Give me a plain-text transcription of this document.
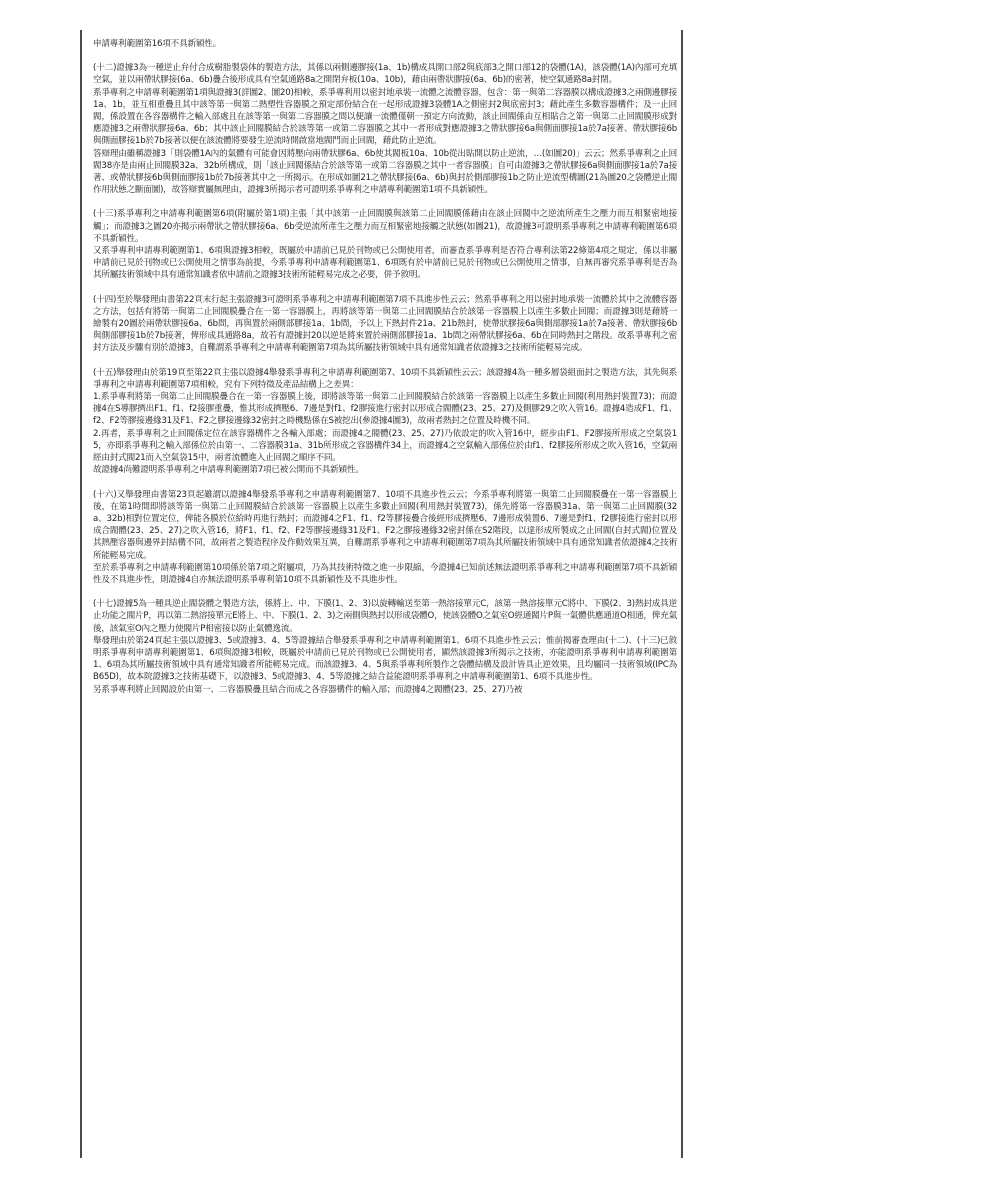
申請專利範圍第16項不具新穎性。

(十二)證據3為一種逆止弁付合成樹脂製袋体的製造方法，其係以兩側邊膠接(1a、1b)構成具開口部2與底部3之開口部12的袋體(1A)，該袋體(1A)內部可充填空氣，並以兩帶狀膠接(6a、6b)疊合後形成具有空氣通路8a之開閉弁板(10a、10b)，藉由兩帶狀膠接(6a、6b)的密著，使空氣通路8a封閉。
系爭專利之申請專利範圍第1項與證據3(詳圖2、圖20)相較，系爭專利用以密封地承裝一流體之流體容器，包含：第一與第二容器膜以構成證據3之兩側邊膠接1a、1b，並互相重疊且其中該等第一與第二熱塑性容器膜之預定部份結合在一起形成證據3袋體1A之側密封2與底密封3；藉此產生多數容器構件；及一止回閥，係設置在各容器構件之輸入部處且在該等第一與第二容器膜之間以便讓一流體僅朝一預定方向流動，該止回閥係由互相貼合之第一與第二止回閥膜形成對應證據3之兩帶狀膠接6a、6b；其中該止回閥膜結合於該等第一或第二容器膜之其中一者形成對應證據3之帶狀膠接6a與側面膠接1a於7a接著、帶狀膠接6b與側面膠接1b於7b接著以便在該流體將要發生逆流時開啟當地閥門而止回閥，藉此防止逆流。
答辯理由雖稱證據3「則袋體1A內的氣體有可能會因將壓向兩帶狀膠6a、6b使其閥板10a、10b從出貼開以防止逆流，…(如圖20)」云云；然系爭專利之止回閥38亦是由兩止回閥膜32a、32b所構成，則「該止回閥係結合於該等第一或第二容器膜之其中一者容器膜」自可由證據3之帶狀膠接6a與側面膠接1a於7a接著、或帶狀膠接6b與側面膠接1b於7b接著其中之一所揭示。在形成如圖21之帶狀膠接(6a、6b)與封於側部膠接1b之防止逆流型構圖(21為圖20之袋體逆止閥作用狀態之斷面圖)，故答辯實屬無理由，證據3所揭示者可證明系爭專利之申請專利範圍第1項不具新穎性。

(十三)系爭專利之申請專利範圍第6項(附屬於第1項)主張「其中該第一止回閥膜與該第二止回閥膜係藉由在該止回閥中之逆流所產生之壓力而互相緊密地接觸」；而證據3之圖20亦揭示兩帶狀之帶狀膠接6a、6b受逆流所產生之壓力而互相緊密地接觸之狀態(如圖21)，故證據3可證明系爭專利之申請專利範圍第6項不具新穎性。
又系爭專利申請專利範圍第1、6項與證據3相較，既屬於申請前已見於刊物或已公開使用者，而審查系爭專利是否符合專利法第22條第4項之規定，係以非屬申請前已見於刊物或已公開使用之情事為前提，今系爭專利申請專利範圍第1、6項既有於申請前已見於刊物或已公開使用之情事，自無再審究系爭專利是否為其所屬技術領域中具有通常知識者依申請前之證據3技術所能輕易完成之必要，併予敘明。

(十四)至於舉發理由書第22頁末行起主張證據3可證明系爭專利之申請專利範圍第7項不具進步性云云；然系爭專利之用以密封地承裝一流體於其中之流體容器之方法，包括有將第一與第二止回閥膜疊合在一第一容器膜上，再將該等第一與第二止回閥膜結合於該第一容器膜上以產生多數止回閥；而證據3則是藉將一繪製有20圖於兩帶狀膠接6a、6b間，再與置於兩側部膠接1a、1b間，予以上下熱封件21a、21b熱封，使帶狀膠接6a與側部膠接1a於7a接著、帶狀膠接6b與側部膠接1b於7b接著，俾形成具通路8a，故若有證據封20以逆是將來置於兩側部膠接1a、1b間之兩帶狀膠接6a、6b在同時熱封之階段。故系爭專利之密封方法及步驟有別於證據3，自難謂系爭專利之申請專利範圍第7項為其所屬技術領域中具有通常知識者依證據3之技術所能輕易完成。

(十五)舉發理由於第19頁至第22頁主張以證據4舉發系爭專利之申請專利範圍第7、10項不具新穎性云云；該證據4為一種多層袋組面封之製造方法，其先與系爭專利之申請專利範圍第7項相較，究有下列特徵及產品結構上之差異：
1.系爭專利將第一與第二止回閥膜疊合在一第一容器膜上後，即將該等第一與第二止回閥膜結合於該第一容器膜上以產生多數止回閥(利用熱封裝置73)；而證據4在S導膠擠出F1、f1、f2接膠重疊，惟其形成擠壓6、7邊是對f1、f2膠接進行密封以形成合閥體(23、25、27)及側膠29之吹入管16。證據4造成F1、f1、f2、F2等膠接邊緣31及F1、F2之膠接邊緣32密封之時機點係在S被挖出(參證據4圖3)，故兩者熱封之位置及時機不同。
2.再者，系爭專利之止回閥係定位在該容器構件之各輸入部處；而證據4之閥體(23、25、27)乃依設定的吹入管16中，經步由F1、F2膠接所形成之空氣袋15，亦即系爭專利之輸入部係位於由第一、二容器膜31a、31b所形成之容器構件34上，而證據4之空氣輸入部係位於由f1、f2膠接所形成之吹入管16，空氣兩經由封式閥21而入空氣袋15中，兩者流體進入止回閥之順序不同。
故證據4尚難證明系爭專利之申請專利範圍第7項已被公開而不具新穎性。

(十六)又舉發理由書第23頁起雖謂以證據4舉發系爭專利之申請專利範圍第7、10項不具進步性云云；今系爭專利將第一與第二止回閥膜疊在一第一容器膜上後，在第1時間即將該等第一與第二止回閥膜結合於該第一容器膜上以產生多數止回閥(利用熱封裝置73)，係先將第一容器膜31a、第一與第二止回閥膜(32a、32b)相對位置定位，俾能各膜於位給時再進行熱封；而證據4之F1、f1、f2等膠接疊合後經形成擠壓6、7邊形成裝置6、7邊是對f1、f2膠接進行密封以形成合閥體(23、25、27)之吹入管16，將F1、f1、f2、F2等膠接邊緣31及F1、F2之膠接邊緣32密封係在S2階段，以達形成所製成之止回閥(自封式閥)位置及其熱壓容器與邊界封結構不同，故兩者之製造程序及作動效果互異，自難謂系爭專利之申請專利範圍第7項為其所屬技術領域中具有通常知識者依證據4之技術所能輕易完成。
至於系爭專利之申請專利範圍第10項係於第7項之附屬項，乃為其技術特徵之進一步限縮，今證據4已知前述無法證明系爭專利之申請專利範圍第7項不具新穎性及不具進步性，則證據4自亦無法證明系爭專利第10項不具新穎性及不具進步性。

(十七)證據5為一種具逆止閥袋體之製造方法，係將上、中、下膜(1、2、3)以旋轉輸送至第一熱溶接單元C，該第一熱溶接單元C將中、下膜(2、3)熱封成具逆止功能之閥片P，再以第二熱溶接單元E將上、中、下膜(1、2、3)之兩側與熱封以形成袋體O，使該袋體O之氣室O經通閥片P與一氣體供應通道O相通，俾充氣後，該氣室O內之壓力使閥片P相密接以防止氣體逸流。
舉發理由於第24頁起主張以證據3、5或證據3、4、5等證據結合舉發系爭專利之申請專利範圍第1、6項不具進步性云云；惟前揭審查理由(十二)、(十三)已敘明系爭專利申請專利範圍第1、6項與證據3相較，既屬於申請前已見於刊物或已公開使用者，顯然該證據3所揭示之技術，亦能證明系爭專利申請專利範圍第1、6項為其所屬技術領域中具有通常知識者所能輕易完成。而該證據3、4、5與系爭專利所製作之袋體結構及設計皆具止逆效果，且均屬同一技術領域(IPC為B65D)，故本院證據3之技術基礎下，以證據3、5或證據3、4、5等證據之結合益能證明系爭專利之申請專利範圍第1、6項不具進步性。
另系爭專利將止回閥設於由第一、二容器膜疊且結合而成之各容器構件的輸入部；而證據4之閥體(23、25、27)乃被
